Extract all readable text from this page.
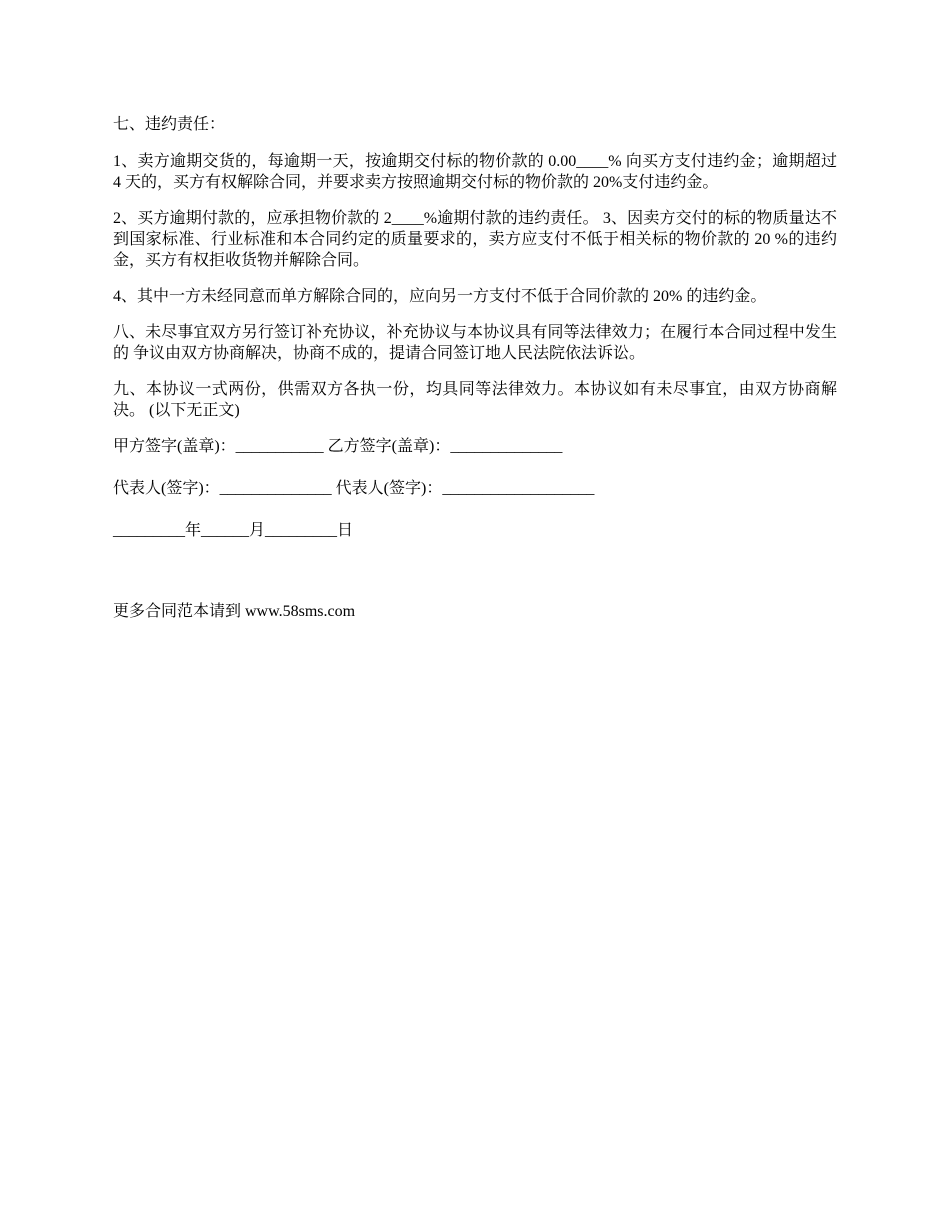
七、违约责任：

1、卖方逾期交货的，每逾期一天，按逾期交付标的物价款的 0.00____% 向买方支付违约金；逾期超过 4 天的，买方有权解除合同，并要求卖方按照逾期交付标的物价款的 20%支付违约金。

2、买方逾期付款的，应承担物价款的 2____%逾期付款的违约责任。 3、因卖方交付的标的物质量达不到国家标准、行业标准和本合同约定的质量要求的，卖方应支付不低于相关标的物价款的 20 %的违约金，买方有权拒收货物并解除合同。

4、其中一方未经同意而单方解除合同的，应向另一方支付不低于合同价款的 20% 的违约金。

八、未尽事宜双方另行签订补充协议，补充协议与本协议具有同等法律效力；在履行本合同过程中发生的 争议由双方协商解决，协商不成的，提请合同签订地人民法院依法诉讼。

九、本协议一式两份，供需双方各执一份，均具同等法律效力。本协议如有未尽事宜，由双方协商解决。 (以下无正文)

甲方签字(盖章)：___________ 乙方签字(盖章)：______________

代表人(签字)：______________ 代表人(签字)：___________________

_________年______月_________日

更多合同范本请到 www.58sms.com
